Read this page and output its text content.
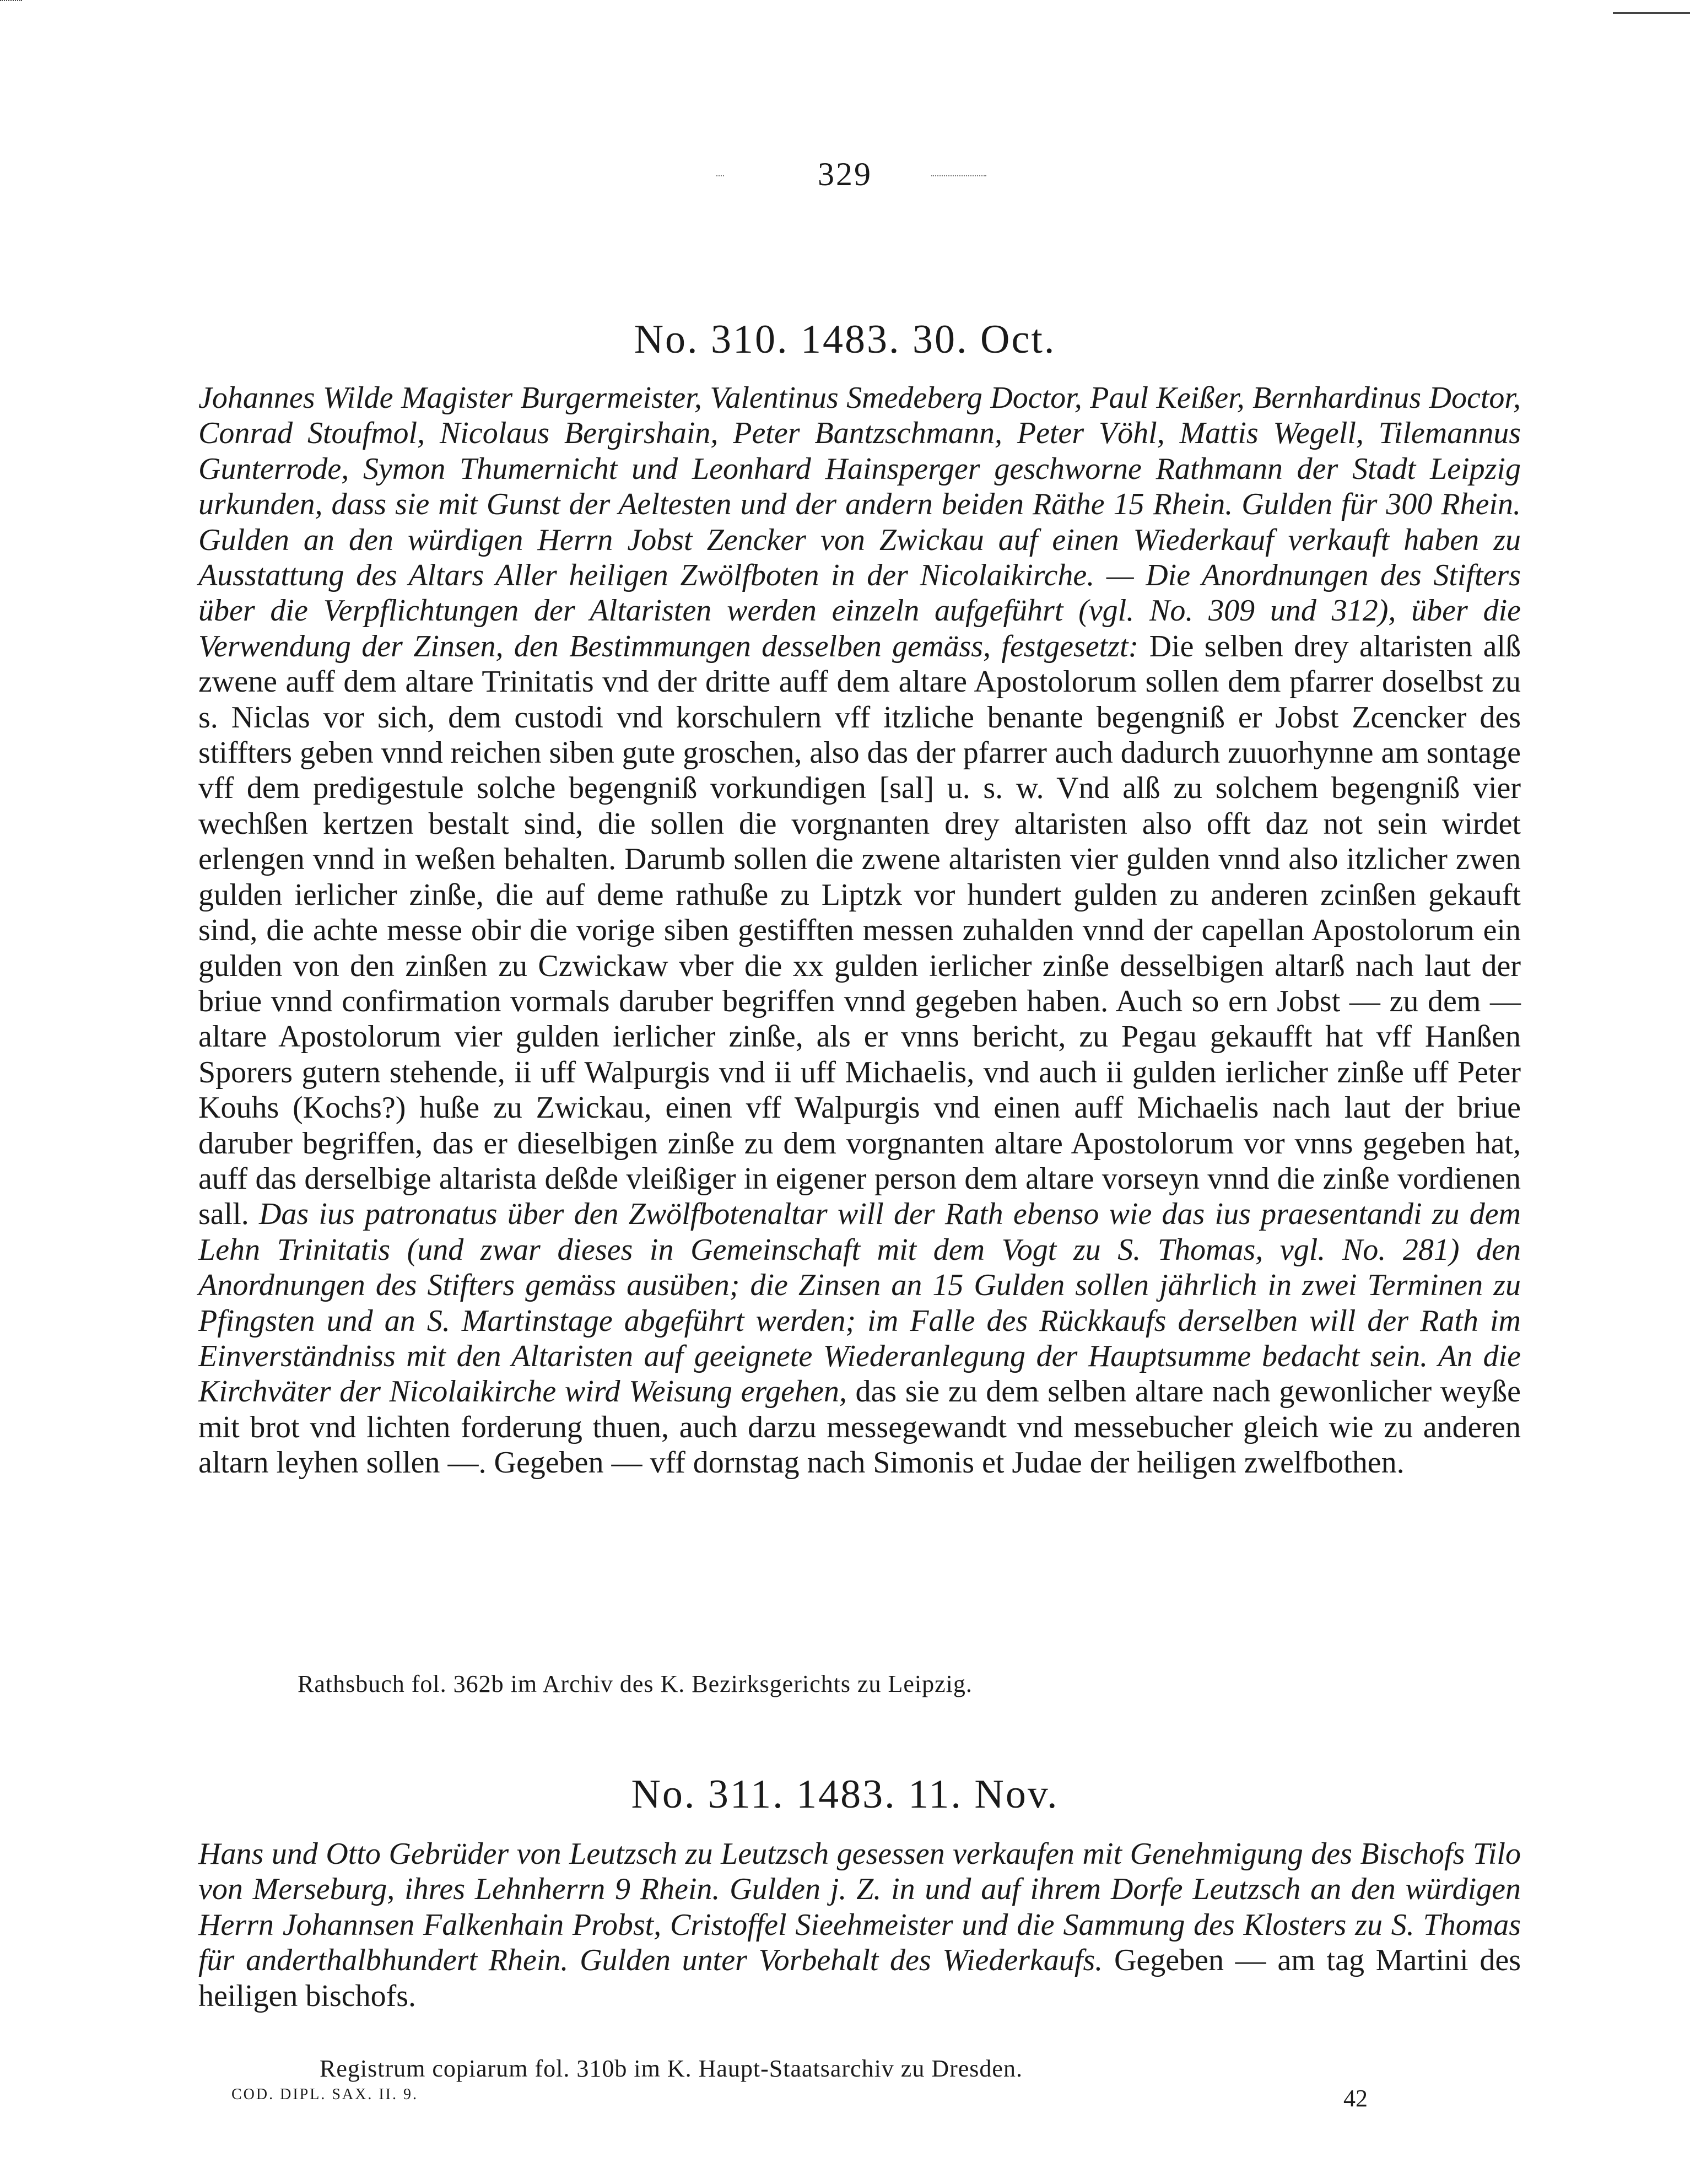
329
No. 310. 1483. 30. Oct.
Johannes Wilde Magister Burgermeister, Valentinus Smedeberg Doctor, Paul Keißer, Bernhardinus Doctor, Conrad Stoufmol, Nicolaus Bergirshain, Peter Bantzschmann, Peter Vöhl, Mattis Wegell, Tilemannus Gunterrode, Symon Thumernicht und Leonhard Hainsperger geschworne Rathmann der Stadt Leipzig urkunden, dass sie mit Gunst der Aeltesten und der andern beiden Räthe 15 Rhein. Gulden für 300 Rhein. Gulden an den würdigen Herrn Jobst Zencker von Zwickau auf einen Wiederkauf verkauft haben zu Ausstattung des Altars Aller heiligen Zwölfboten in der Nicolaikirche. — Die Anordnungen des Stifters über die Verpflichtungen der Altaristen werden einzeln aufgeführt (vgl. No. 309 und 312), über die Verwendung der Zinsen, den Bestimmungen desselben gemäss, festgesetzt: Die selben drey altaristen alß zwene auff dem altare Trinitatis vnd der dritte auff dem altare Apostolorum sollen dem pfarrer doselbst zu s. Niclas vor sich, dem custodi vnd korschulern vff itzliche benante begengniß er Jobst Zcencker des stiffters geben vnnd reichen siben gute groschen, also das der pfarrer auch dadurch zuuorhynne am sontage vff dem predigestule solche begengniß vorkundigen [sal] u. s. w. Vnd alß zu solchem begengniß vier wechßen kertzen bestalt sind, die sollen die vorgnanten drey altaristen also offt daz not sein wirdet erlengen vnnd in weßen behalten. Darumb sollen die zwene altaristen vier gulden vnnd also itzlicher zwen gulden ierlicher zinße, die auf deme rathuße zu Liptzk vor hundert gulden zu anderen zcinßen gekauft sind, die achte messe obir die vorige siben gestifften messen zuhalden vnnd der capellan Apostolorum ein gulden von den zinßen zu Czwickaw vber die xx gulden ierlicher zinße desselbigen altarß nach laut der briue vnnd confirmation vormals daruber begriffen vnnd gegeben haben. Auch so ern Jobst — zu dem — altare Apostolorum vier gulden ierlicher zinße, als er vnns bericht, zu Pegau gekaufft hat vff Hanßen Sporers gutern stehende, ii uff Walpurgis vnd ii uff Michaelis, vnd auch ii gulden ierlicher zinße uff Peter Kouhs (Kochs?) huße zu Zwickau, einen vff Walpurgis vnd einen auff Michaelis nach laut der briue daruber begriffen, das er dieselbigen zinße zu dem vorgnanten altare Apostolorum vor vnns gegeben hat, auff das derselbige altarista deßde vleißiger in eigener person dem altare vorseyn vnnd die zinße vordienen sall. Das ius patronatus über den Zwölfbotenaltar will der Rath ebenso wie das ius praesentandi zu dem Lehn Trinitatis (und zwar dieses in Gemeinschaft mit dem Vogt zu S. Thomas, vgl. No. 281) den Anordnungen des Stifters gemäss ausüben; die Zinsen an 15 Gulden sollen jährlich in zwei Terminen zu Pfingsten und an S. Martinstage abgeführt werden; im Falle des Rückkaufs derselben will der Rath im Einverständniss mit den Altaristen auf geeignete Wiederanlegung der Hauptsumme bedacht sein. An die Kirchväter der Nicolaikirche wird Weisung ergehen, das sie zu dem selben altare nach gewonlicher weyße mit brot vnd lichten forderung thuen, auch darzu messegewandt vnd messebucher gleich wie zu anderen altarn leyhen sollen —. Gegeben — vff dornstag nach Simonis et Judae der heiligen zwelfbothen.
Rathsbuch fol. 362b im Archiv des K. Bezirksgerichts zu Leipzig.
No. 311. 1483. 11. Nov.
Hans und Otto Gebrüder von Leutzsch zu Leutzsch gesessen verkaufen mit Genehmigung des Bischofs Tilo von Merseburg, ihres Lehnherrn 9 Rhein. Gulden j. Z. in und auf ihrem Dorfe Leutzsch an den würdigen Herrn Johannsen Falkenhain Probst, Cristoffel Sieehmeister und die Sammung des Klosters zu S. Thomas für anderthalbhundert Rhein. Gulden unter Vorbehalt des Wiederkaufs. Gegeben — am tag Martini des heiligen bischofs.
Registrum copiarum fol. 310b im K. Haupt-Staatsarchiv zu Dresden.
COD. DIPL. SAX. II. 9.	42
